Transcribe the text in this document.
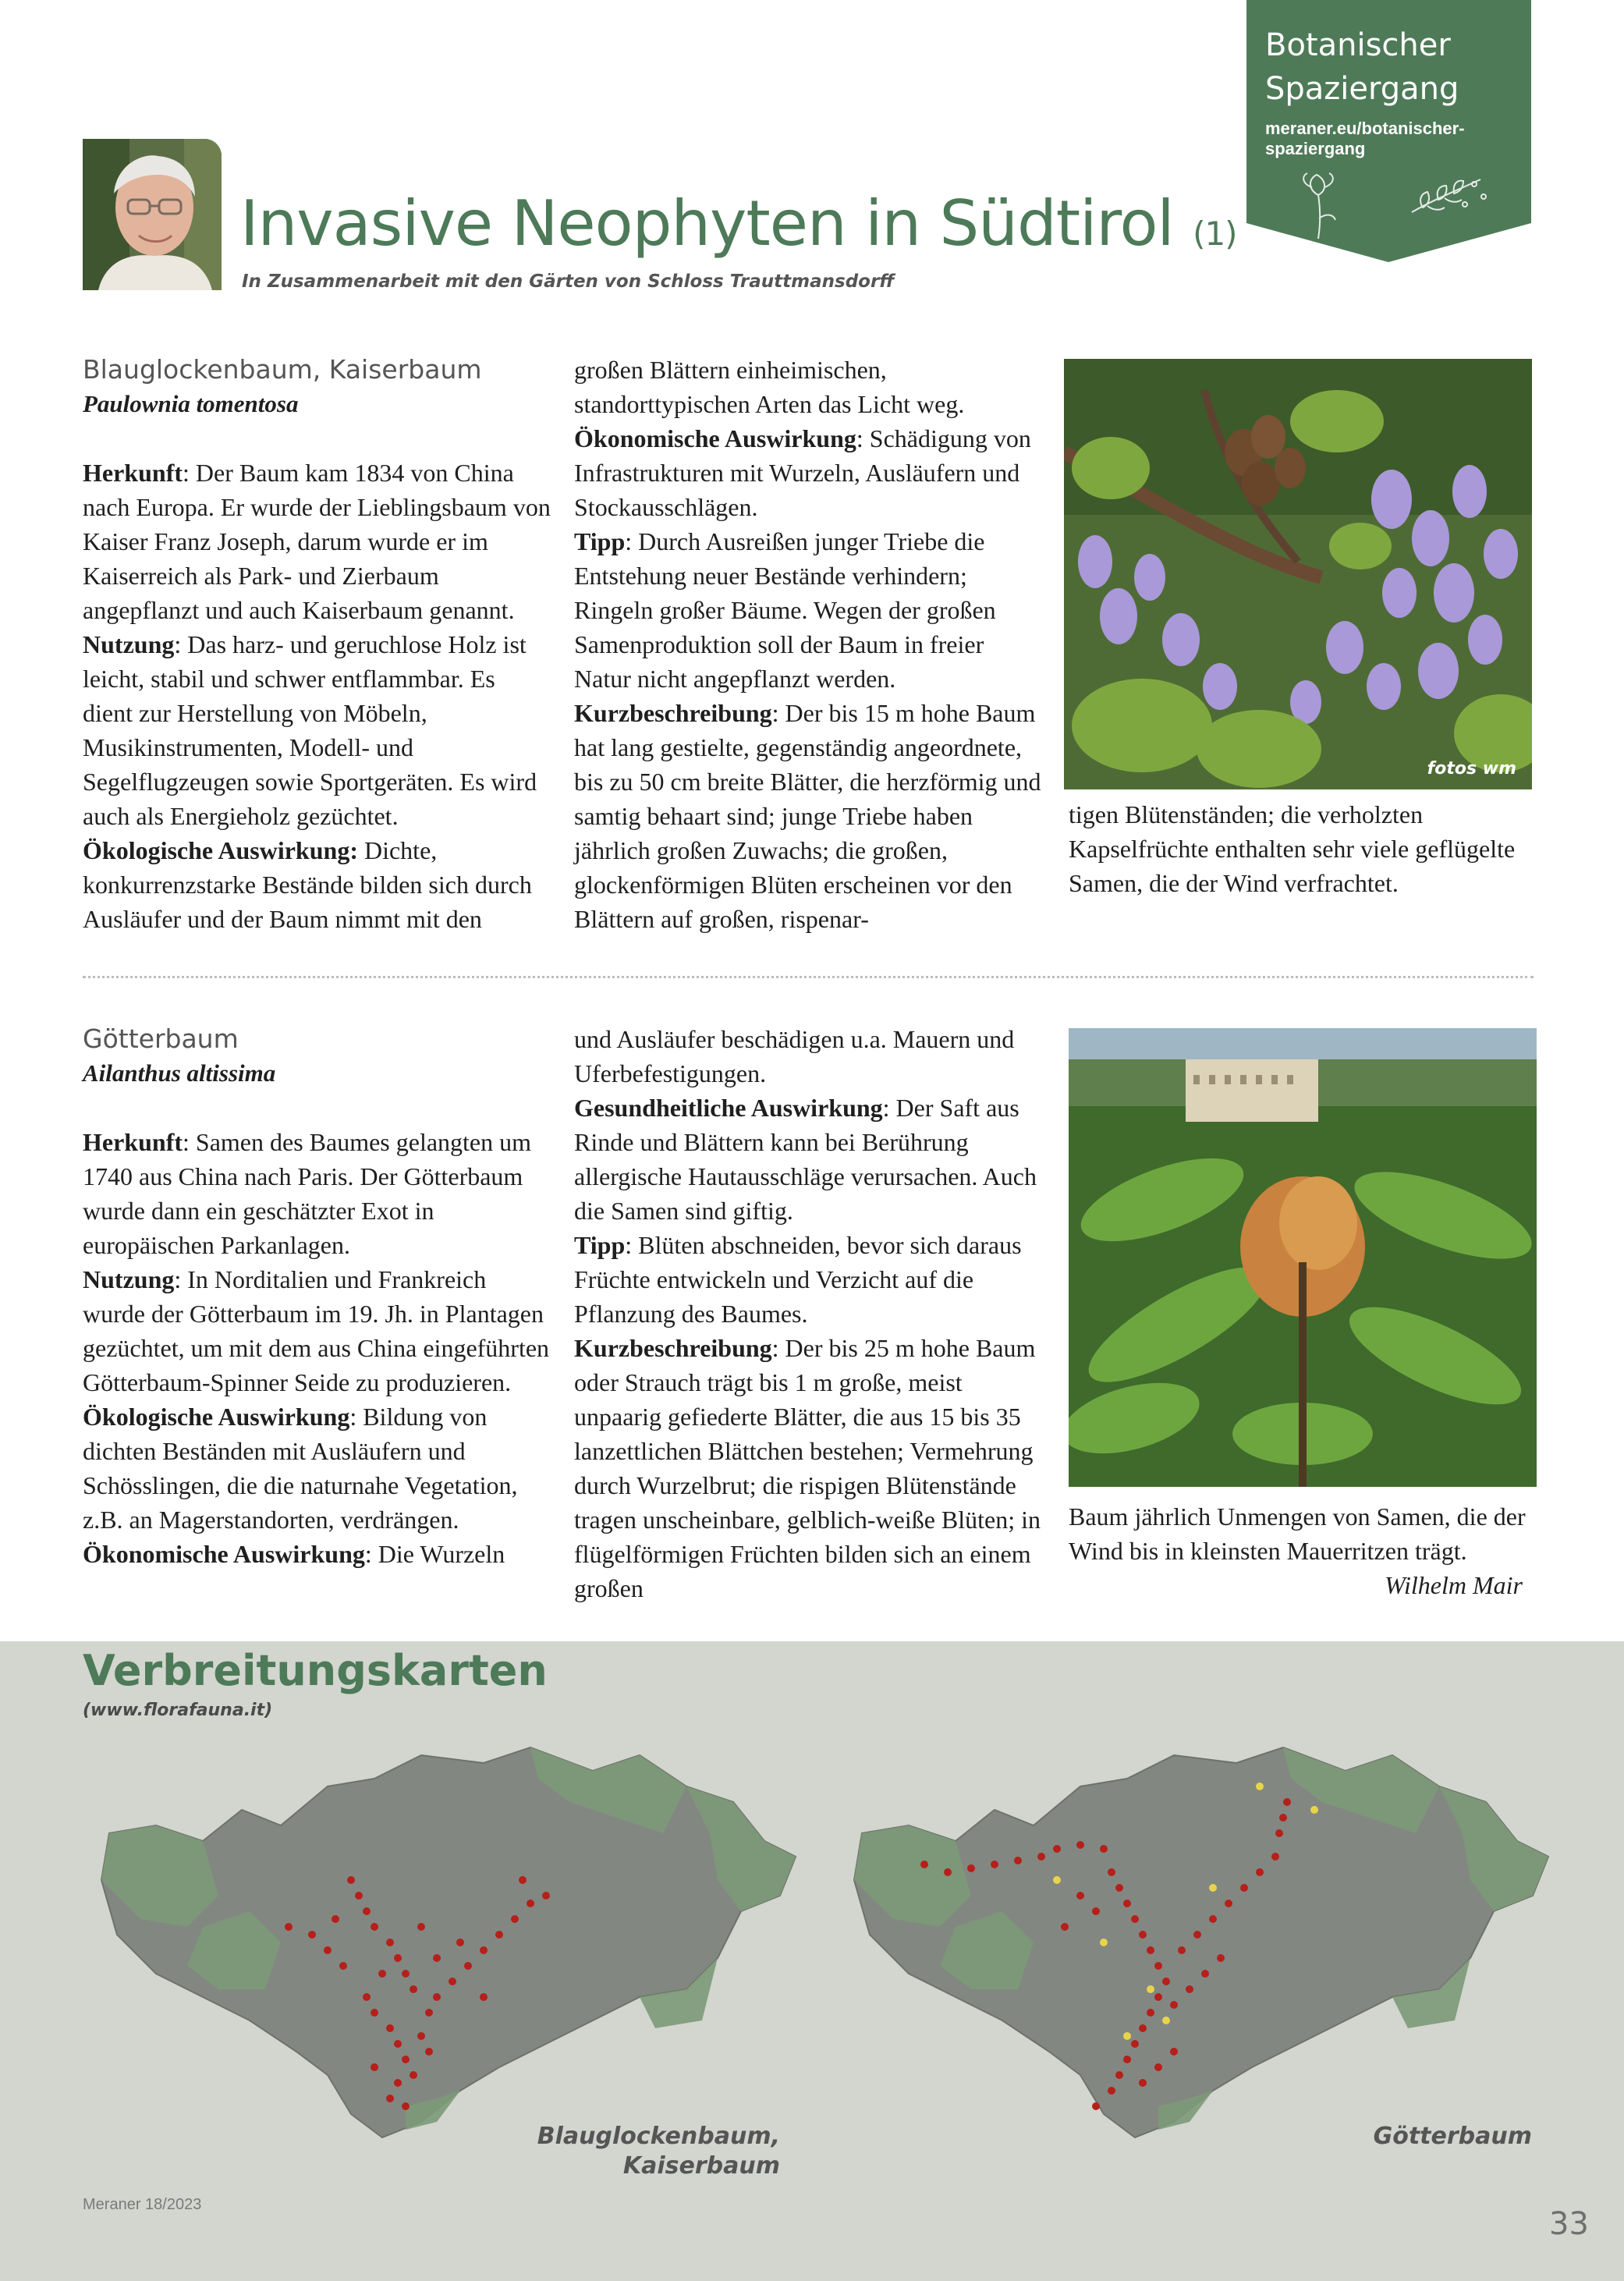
Botanischer
Spaziergang
meraner.eu/botanischer-spaziergang
Invasive Neophyten in Südtirol (1)
In Zusammenarbeit mit den Gärten von Schloss Trauttmansdorff
Blauglockenbaum, Kaiserbaum
Paulownia tomentosa

Herkunft: Der Baum kam 1834 von China nach Europa. Er wurde der Lieblingsbaum von Kaiser Franz Joseph, darum wurde er im Kaiserreich als Park- und Zierbaum angepflanzt und auch Kaiserbaum genannt.

Nutzung: Das harz- und geruchlose Holz ist leicht, stabil und schwer entflammbar. Es dient zur Herstellung von Möbeln, Musikinstrumenten, Modell- und Segelflugzeugen sowie Sportgeräten. Es wird auch als Energieholz gezüchtet.

Ökologische Auswirkung: Dichte, konkurrenzstarke Bestände bilden sich durch Ausläufer und der Baum nimmt mit den

großen Blättern einheimischen, standorttypischen Arten das Licht weg.

Ökonomische Auswirkung: Schädigung von Infrastrukturen mit Wurzeln, Ausläufern und Stockausschlägen.

Tipp: Durch Ausreißen junger Triebe die Entstehung neuer Bestände verhindern; Ringeln großer Bäume. Wegen der großen Samenproduktion soll der Baum in freier Natur nicht angepflanzt werden.

Kurzbeschreibung: Der bis 15 m hohe Baum hat lang gestielte, gegenständig angeordnete, bis zu 50 cm breite Blätter, die herzförmig und samtig behaart sind; junge Triebe haben jährlich großen Zuwachs; die großen, glockenförmigen Blüten erscheinen vor den Blättern auf großen, rispenar-

fotos wm

tigen Blütenständen; die verholzten Kapselfrüchte enthalten sehr viele geflügelte Samen, die der Wind verfrachtet.

Götterbaum
Ailanthus altissima

Herkunft: Samen des Baumes gelangten um 1740 aus China nach Paris. Der Götterbaum wurde dann ein geschätzter Exot in europäischen Parkanlagen.

Nutzung: In Norditalien und Frankreich wurde der Götterbaum im 19. Jh. in Plantagen gezüchtet, um mit dem aus China eingeführten Götterbaum-Spinner Seide zu produzieren.

Ökologische Auswirkung: Bildung von dichten Beständen mit Ausläufern und Schösslingen, die die naturnahe Vegetation, z.B. an Magerstandorten, verdrängen.

Ökonomische Auswirkung: Die Wurzeln

und Ausläufer beschädigen u.a. Mauern und Uferbefestigungen.

Gesundheitliche Auswirkung: Der Saft aus Rinde und Blättern kann bei Berührung allergische Hautausschläge verursachen. Auch die Samen sind giftig.

Tipp: Blüten abschneiden, bevor sich daraus Früchte entwickeln und Verzicht auf die Pflanzung des Baumes.

Kurzbeschreibung: Der bis 25 m hohe Baum oder Strauch trägt bis 1 m große, meist unpaarig gefiederte Blätter, die aus 15 bis 35 lanzettlichen Blättchen bestehen; Vermehrung durch Wurzelbrut; die rispigen Blütenstände tragen unscheinbare, gelblich-weiße Blüten; in flügelförmigen Früchten bilden sich an einem großen

Baum jährlich Unmengen von Samen, die der Wind bis in kleinsten Mauerritzen trägt.

Wilhelm Mair
Verbreitungskarten
(www.florafauna.it)
Blauglockenbaum,
Kaiserbaum
Götterbaum
Meraner 18/2023
33
